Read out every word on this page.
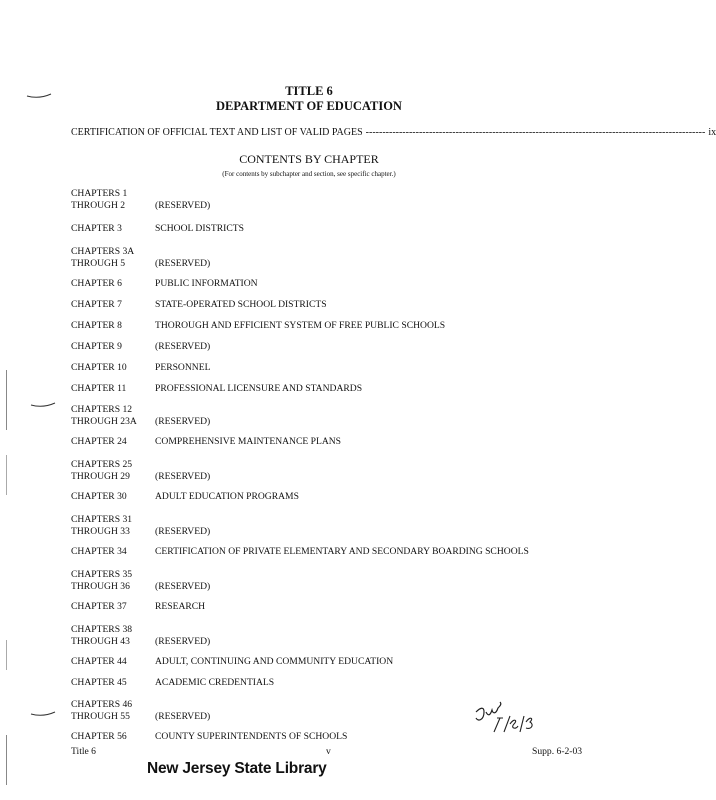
TITLE 6
DEPARTMENT OF EDUCATION
CERTIFICATION OF OFFICIAL TEXT AND LIST OF VALID PAGES ------------------------------------------------------------------------------------------------------ ix
CONTENTS BY CHAPTER
(For contents by subchapter and section, see specific chapter.)
CHAPTERS 1
THROUGH 2	(RESERVED)
CHAPTER 3	SCHOOL DISTRICTS
CHAPTERS 3A
THROUGH 5	(RESERVED)
CHAPTER 6	PUBLIC INFORMATION
CHAPTER 7	STATE-OPERATED SCHOOL DISTRICTS
CHAPTER 8	THOROUGH AND EFFICIENT SYSTEM OF FREE PUBLIC SCHOOLS
CHAPTER 9	(RESERVED)
CHAPTER 10	PERSONNEL
CHAPTER 11	PROFESSIONAL LICENSURE AND STANDARDS
CHAPTERS 12
THROUGH 23A (RESERVED)
CHAPTER 24	COMPREHENSIVE MAINTENANCE PLANS
CHAPTERS 25
THROUGH 29	(RESERVED)
CHAPTER 30	ADULT EDUCATION PROGRAMS
CHAPTERS 31
THROUGH 33	(RESERVED)
CHAPTER 34	CERTIFICATION OF PRIVATE ELEMENTARY AND SECONDARY BOARDING SCHOOLS
CHAPTERS 35
THROUGH 36	(RESERVED)
CHAPTER 37	RESEARCH
CHAPTERS 38
THROUGH 43	(RESERVED)
CHAPTER 44	ADULT, CONTINUING AND COMMUNITY EDUCATION
CHAPTER 45	ACADEMIC CREDENTIALS
CHAPTERS 46
THROUGH 55	(RESERVED)
CHAPTER 56	COUNTY SUPERINTENDENTS OF SCHOOLS
Title 6	v	Supp. 6-2-03
New Jersey State Library
